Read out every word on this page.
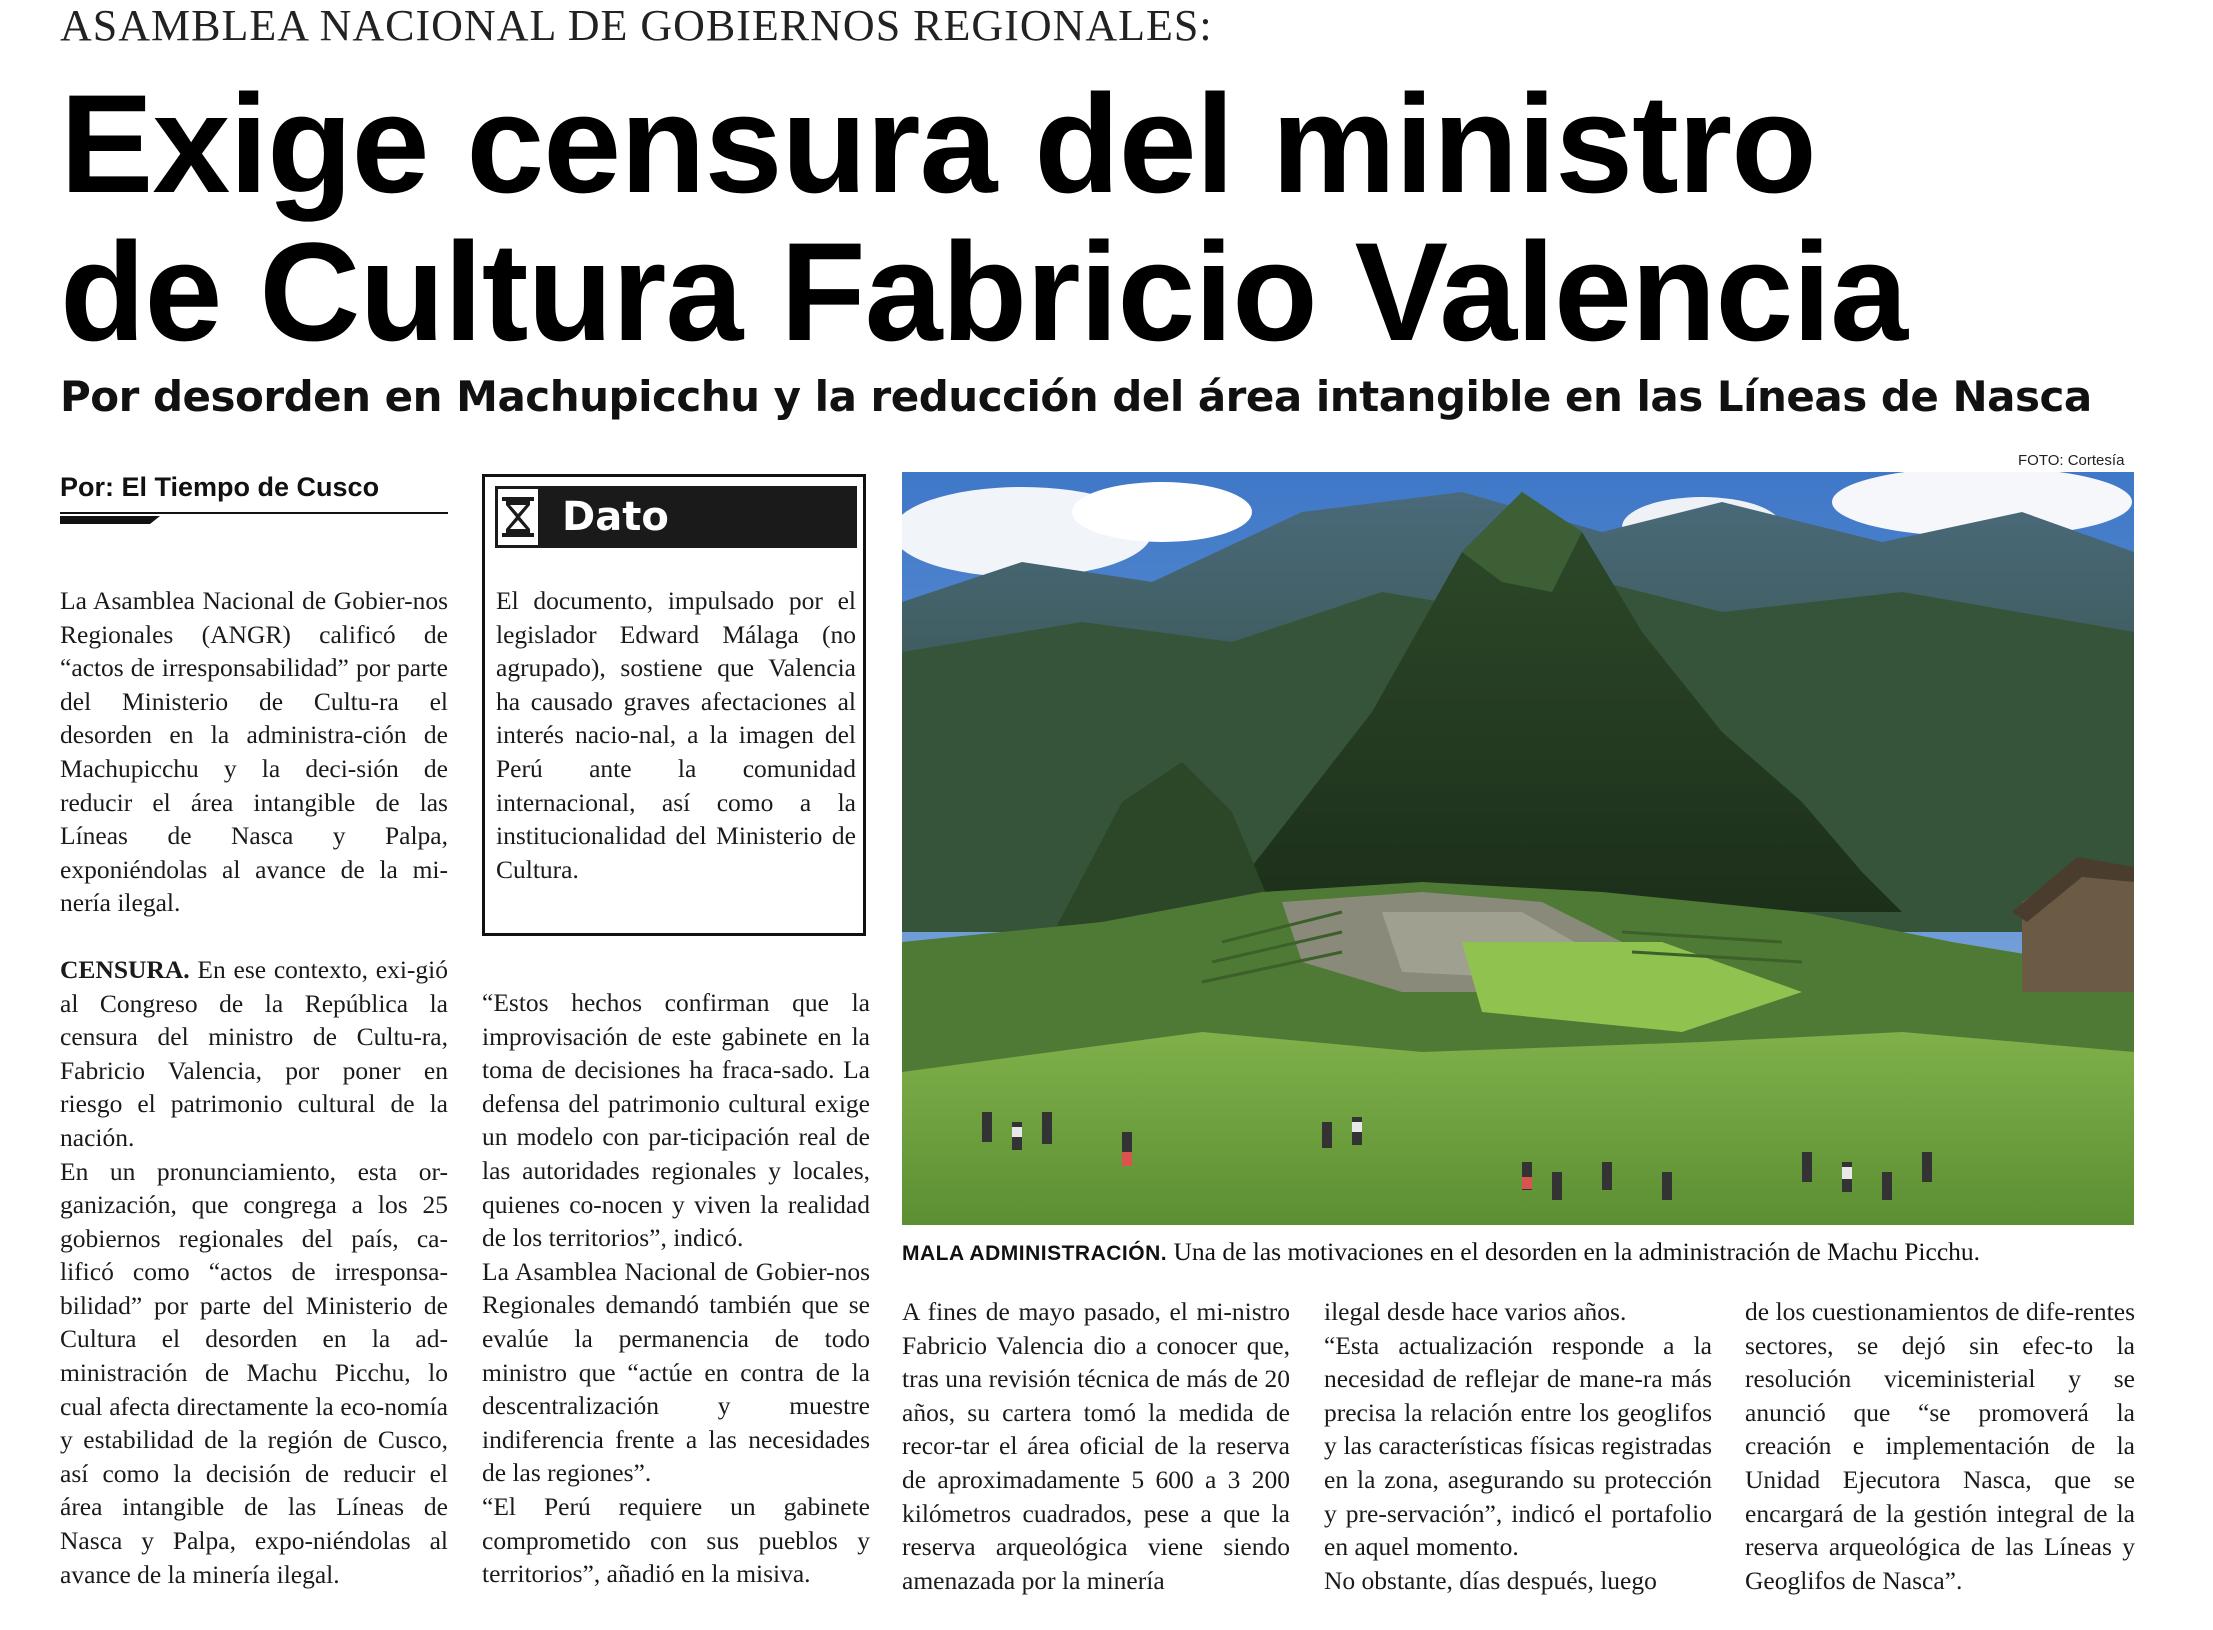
ASAMBLEA NACIONAL DE GOBIERNOS REGIONALES:
Exige censura del ministro
de Cultura Fabricio Valencia
Por desorden en Machupicchu y la reducción del área intangible en las Líneas de Nasca
Por: El Tiempo de Cusco

La Asamblea Nacional de Gobier-nos Regionales (ANGR) calificó de “actos de irresponsabilidad” por parte del Ministerio de Cultu-ra el desorden en la administra-ción de Machupicchu y la deci-sión de reducir el área intangible de las Líneas de Nasca y Palpa, exponiéndolas al avance de la mi-nería ilegal.

CENSURA. En ese contexto, exi-gió al Congreso de la República la censura del ministro de Cultu-ra, Fabricio Valencia, por poner en riesgo el patrimonio cultural de la nación.

En un pronunciamiento, esta or-ganización, que congrega a los 25 gobiernos regionales del país, ca-lificó como “actos de irresponsa-bilidad” por parte del Ministerio de Cultura el desorden en la ad-ministración de Machu Picchu, lo cual afecta directamente la eco-nomía y estabilidad de la región de Cusco, así como la decisión de reducir el área intangible de las Líneas de Nasca y Palpa, expo-niéndolas al avance de la minería ilegal.

Dato
El documento, impulsado por el legislador Edward Málaga (no agrupado), sostiene que Valencia ha causado graves afectaciones al interés nacio-nal, a la imagen del Perú ante la comunidad internacional, así como a la institucionalidad del Ministerio de Cultura.

“Estos hechos confirman que la improvisación de este gabinete en la toma de decisiones ha fraca-sado. La defensa del patrimonio cultural exige un modelo con par-ticipación real de las autoridades regionales y locales, quienes co-nocen y viven la realidad de los territorios”, indicó.

La Asamblea Nacional de Gobier-nos Regionales demandó también que se evalúe la permanencia de todo ministro que “actúe en contra de la descentralización y muestre indiferencia frente a las necesidades de las regiones”.

“El Perú requiere un gabinete comprometido con sus pueblos y territorios”, añadió en la misiva.

FOTO: Cortesía
MALA ADMINISTRACIÓN. Una de las motivaciones en el desorden en la administración de Machu Picchu.

A fines de mayo pasado, el mi-nistro Fabricio Valencia dio a conocer que, tras una revisión técnica de más de 20 años, su cartera tomó la medida de recor-tar el área oficial de la reserva de aproximadamente 5 600 a 3 200 kilómetros cuadrados, pese a que la reserva arqueológica viene siendo amenazada por la minería

ilegal desde hace varios años.

“Esta actualización responde a la necesidad de reflejar de mane-ra más precisa la relación entre los geoglifos y las características físicas registradas en la zona, asegurando su protección y pre-servación”, indicó el portafolio en aquel momento.

No obstante, días después, luego

de los cuestionamientos de dife-rentes sectores, se dejó sin efec-to la resolución viceministerial y se anunció que “se promoverá la creación e implementación de la Unidad Ejecutora Nasca, que se encargará de la gestión integral de la reserva arqueológica de las Líneas y Geoglifos de Nasca”.
